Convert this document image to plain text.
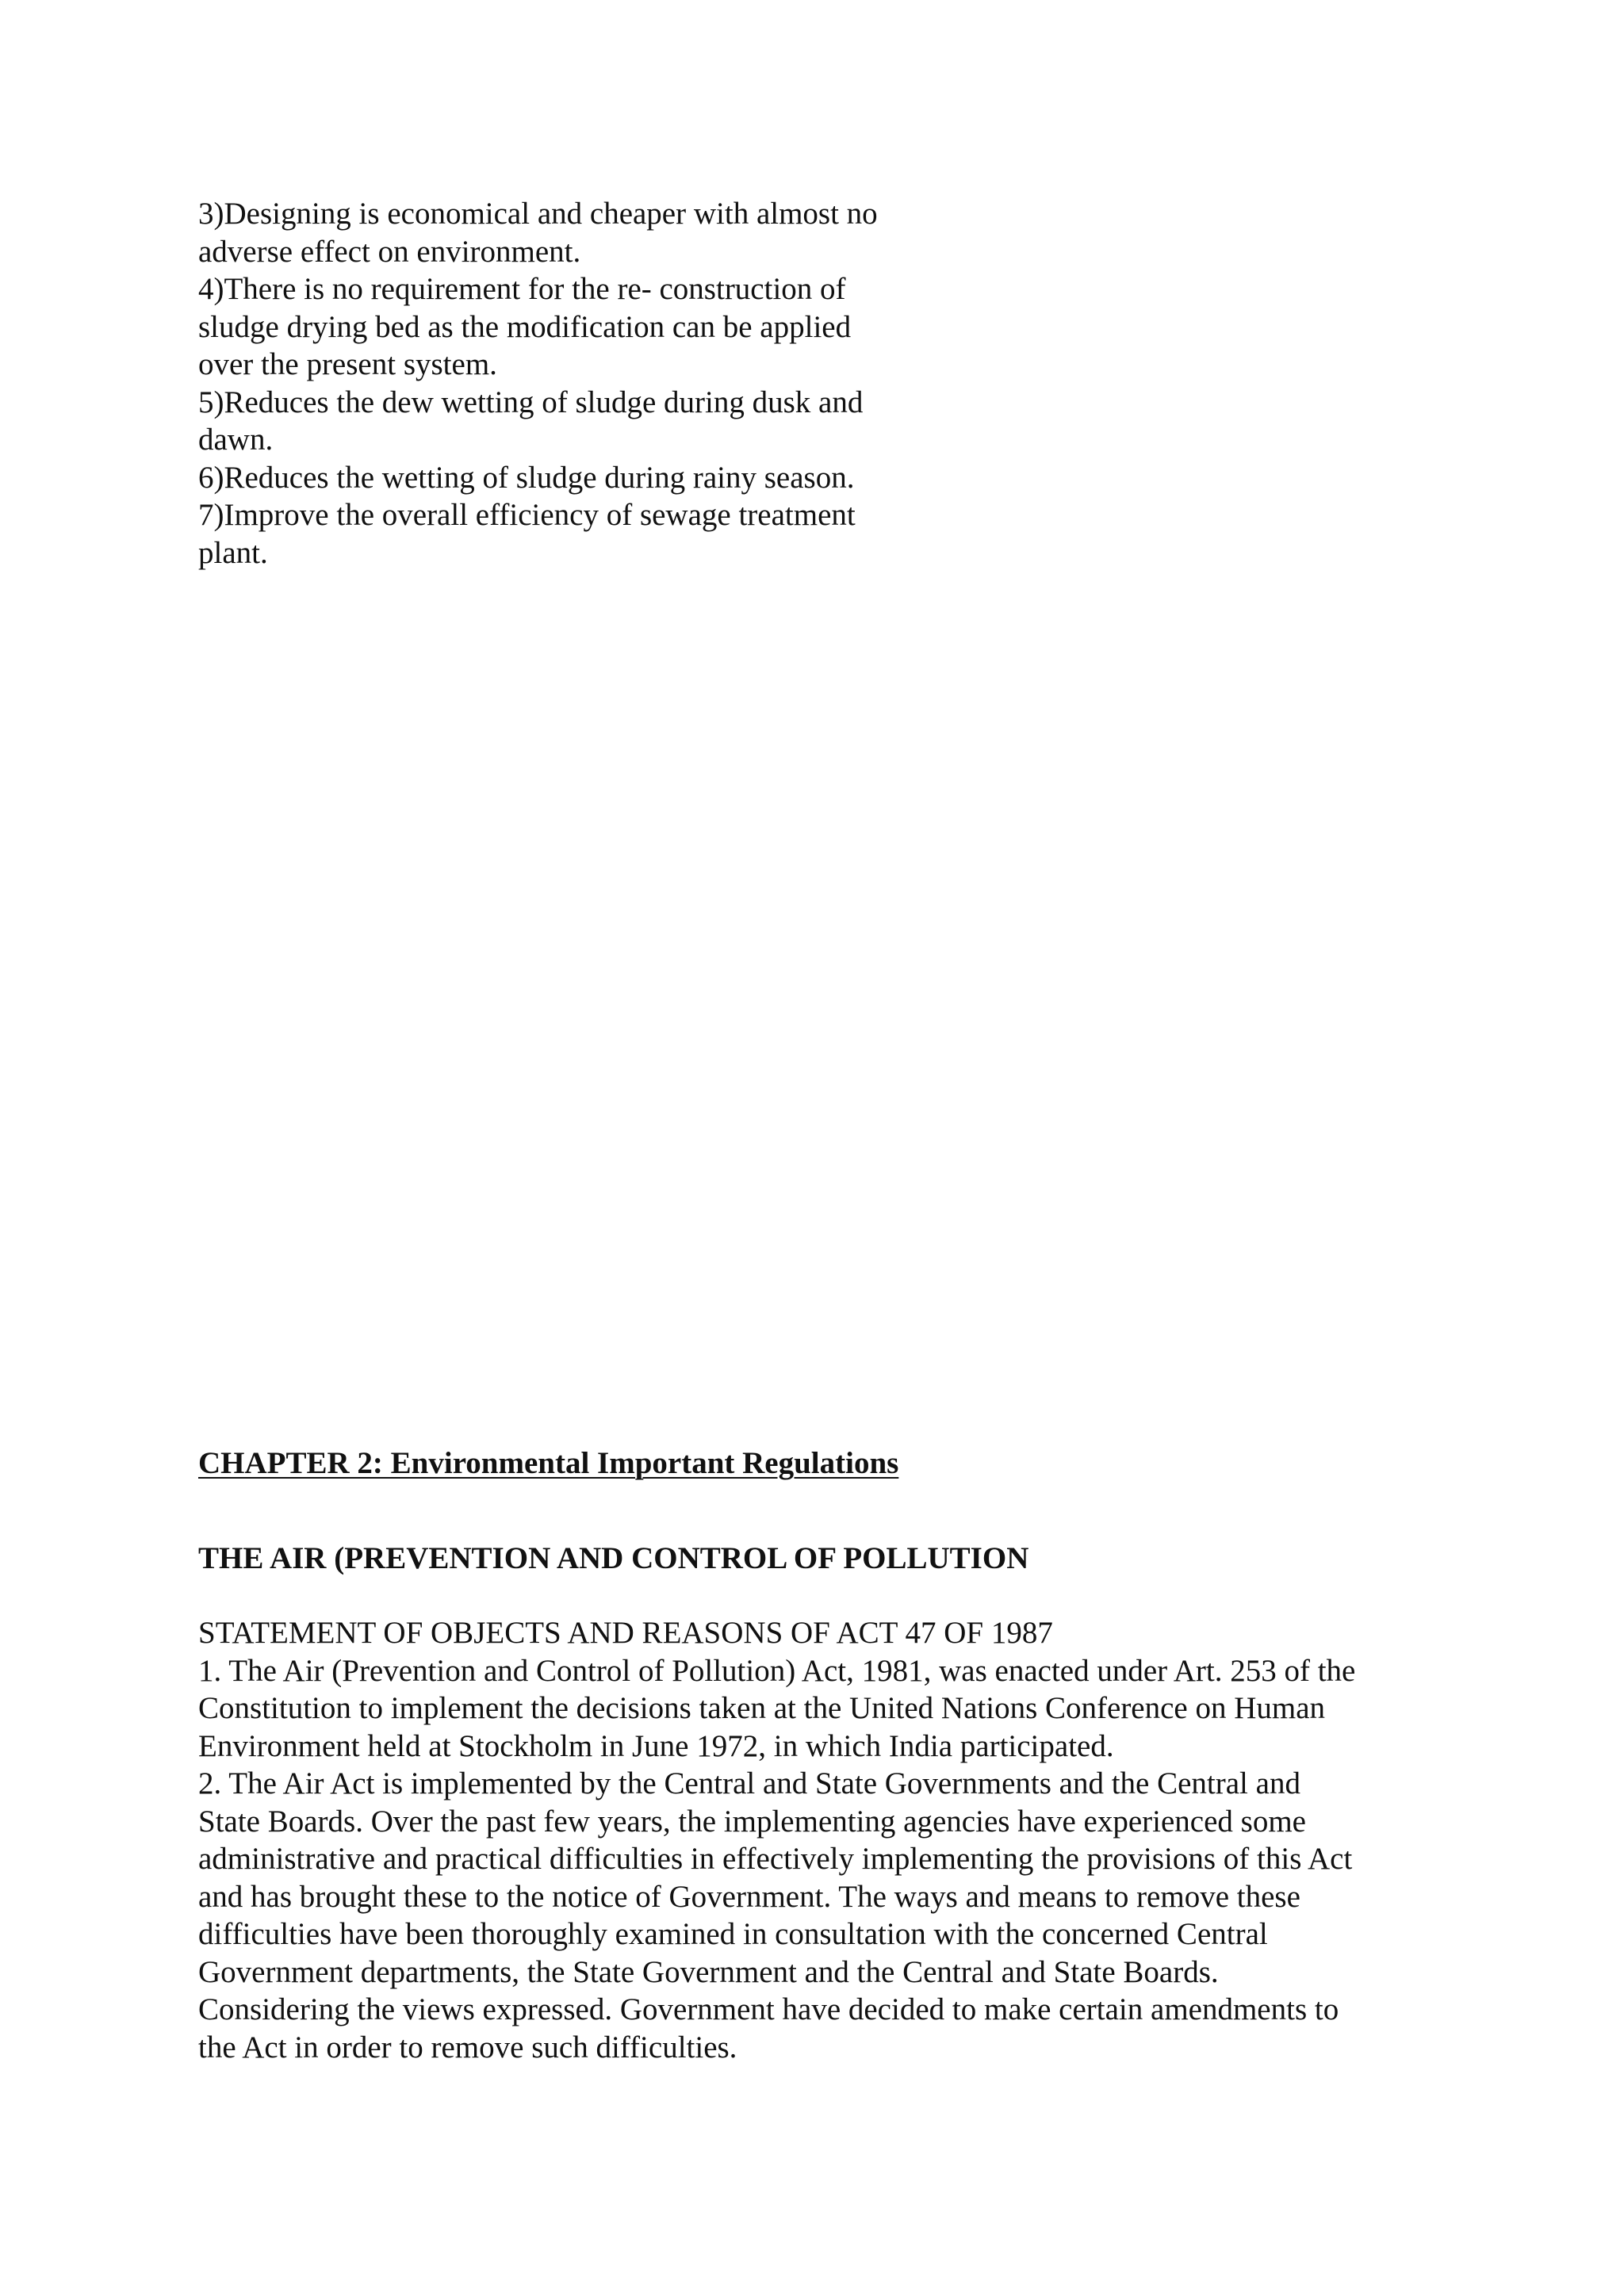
3)Designing is economical and cheaper with almost no
adverse effect on environment.
4)There is no requirement for the re- construction of
sludge drying bed as the modification can be applied
over the present system.
5)Reduces the dew wetting of sludge during dusk and
dawn.
6)Reduces the wetting of sludge during rainy season.
7)Improve the overall efficiency of sewage treatment
plant.
CHAPTER 2: Environmental Important Regulations
THE AIR (PREVENTION AND CONTROL OF POLLUTION
STATEMENT OF OBJECTS AND REASONS OF ACT 47 OF 1987
1. The Air (Prevention and Control of Pollution) Act, 1981, was enacted under Art. 253 of the
Constitution to implement the decisions taken at the United Nations Conference on Human
Environment held at Stockholm in June 1972, in which India participated.
2. The Air Act is implemented by the Central and State Governments and the Central and
State Boards. Over the past few years, the implementing agencies have experienced some
administrative and practical difficulties in effectively implementing the provisions of this Act
and has brought these to the notice of Government. The ways and means to remove these
difficulties have been thoroughly examined in consultation with the concerned Central
Government departments, the State Government and the Central and State Boards.
Considering the views expressed. Government have decided to make certain amendments to
the Act in order to remove such difficulties.
